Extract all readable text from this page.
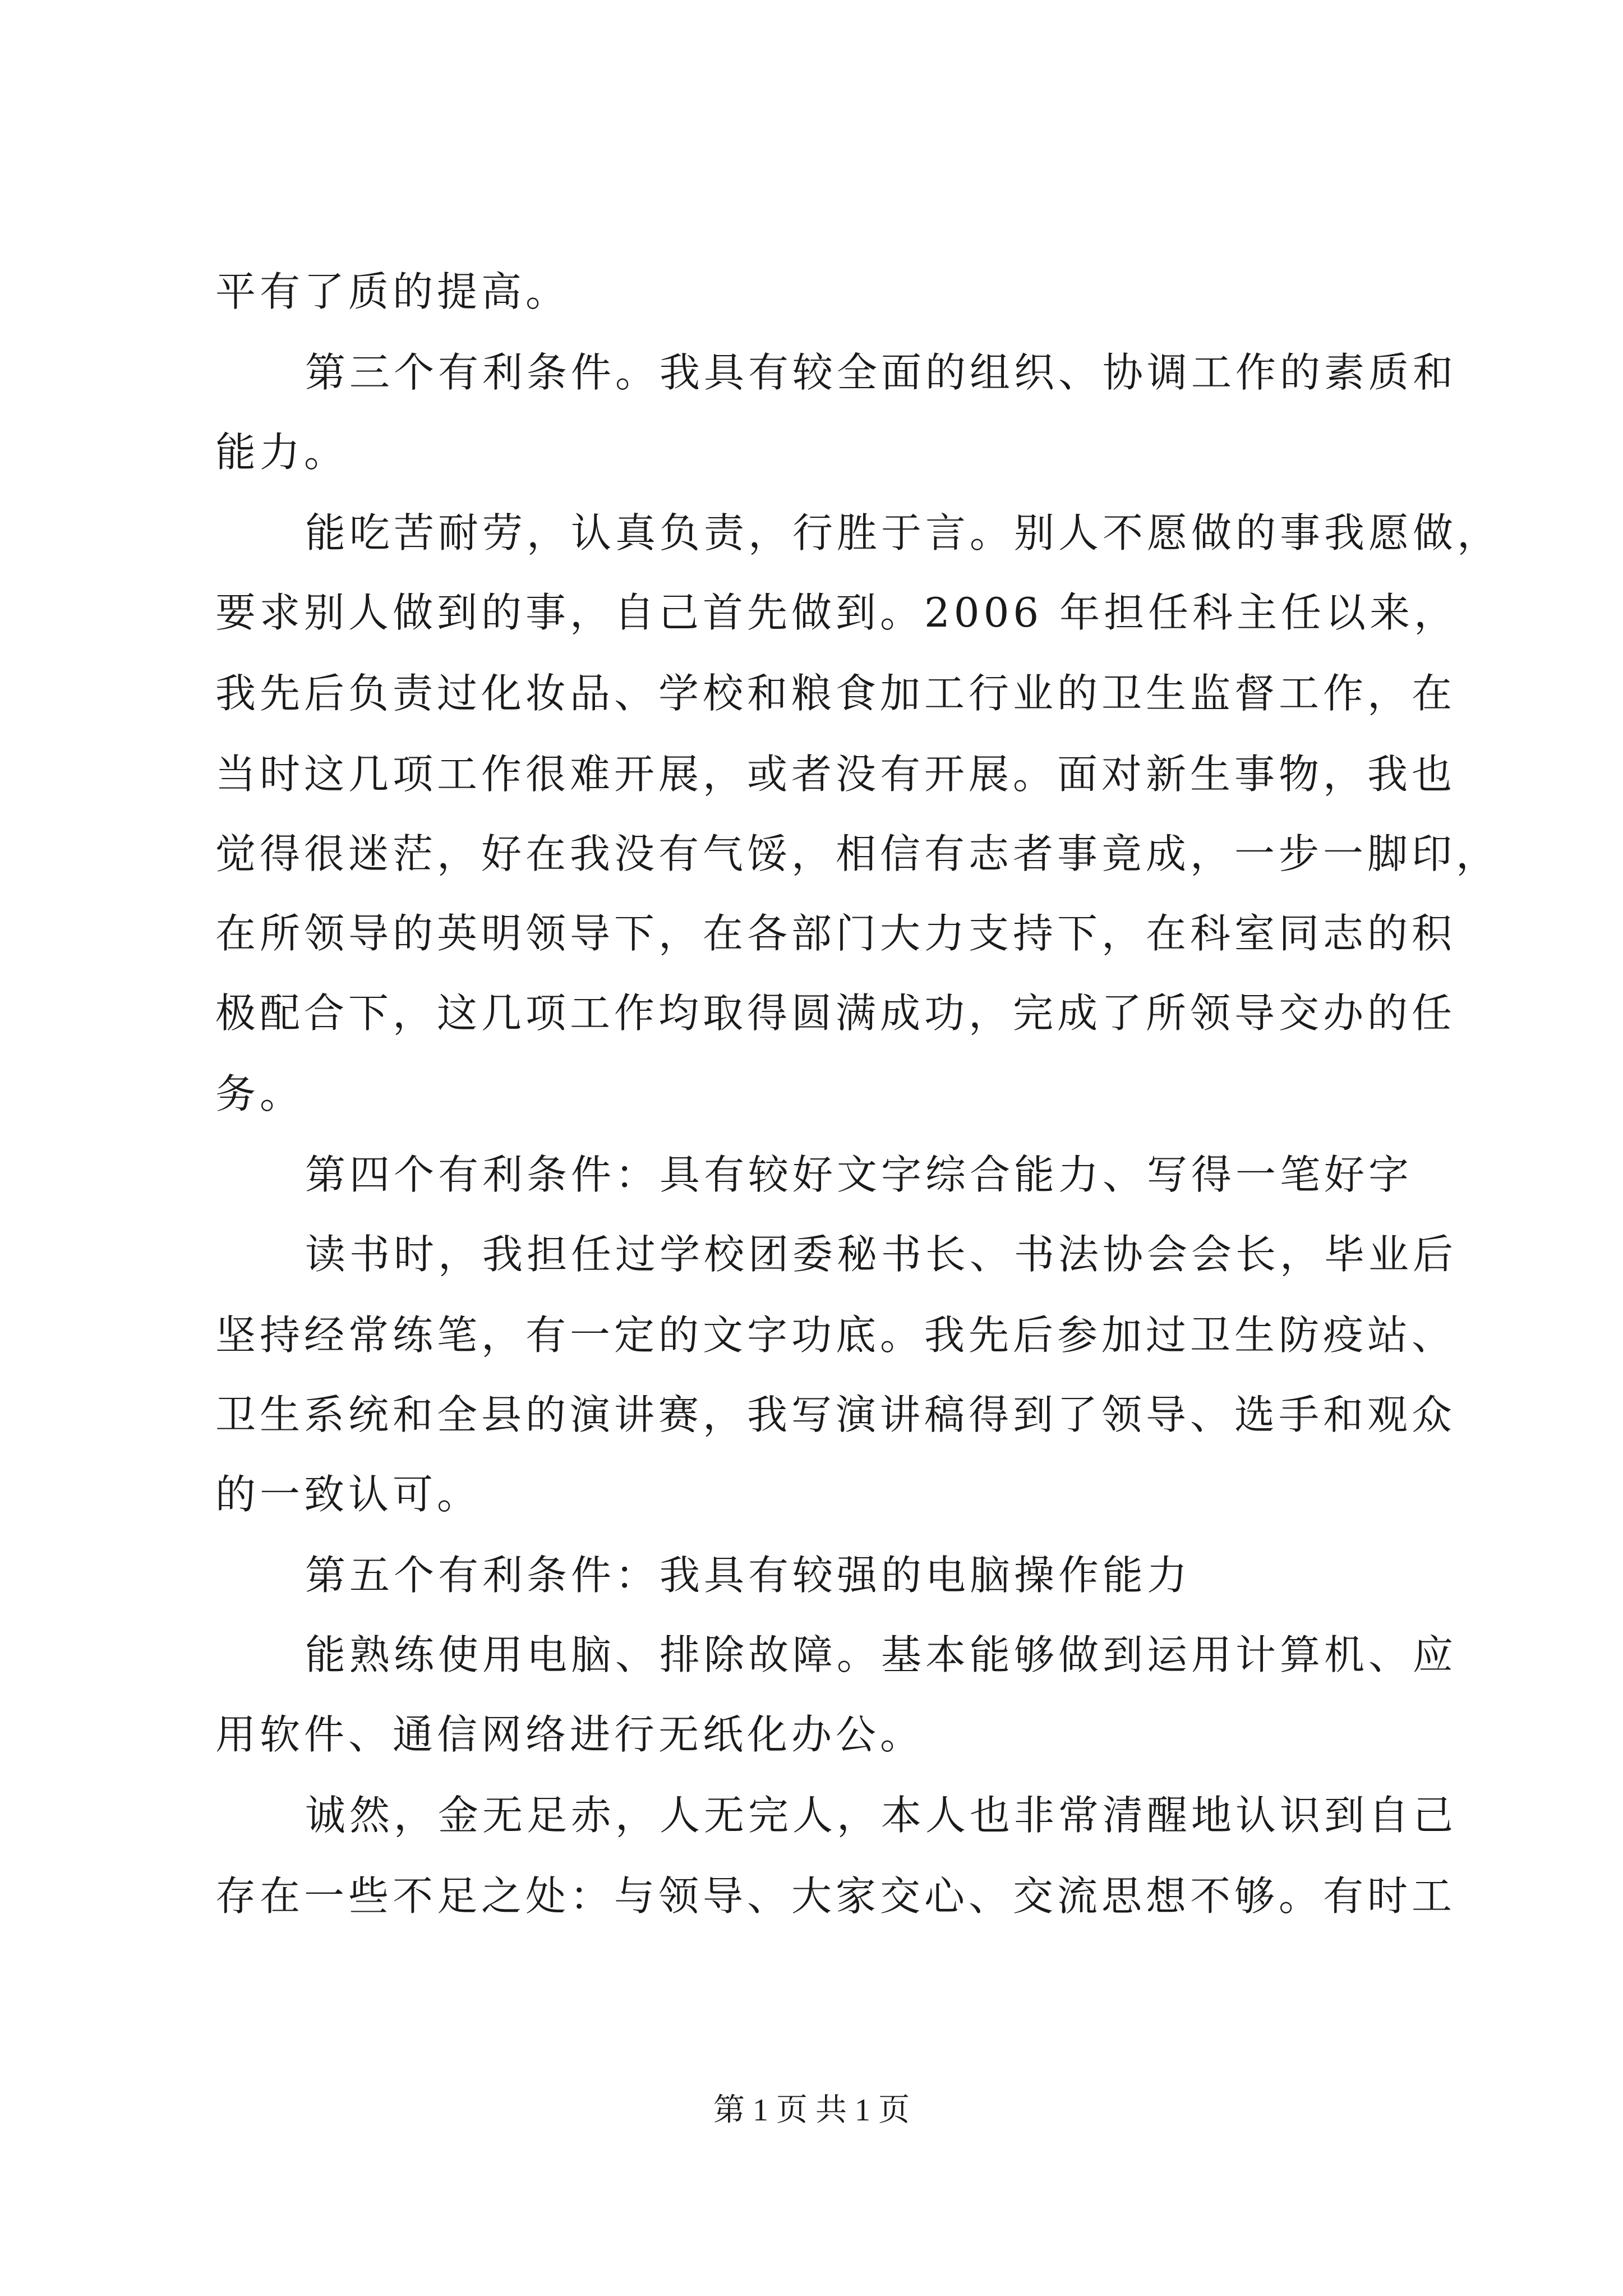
平有了质的提高。
第三个有利条件。我具有较全面的组织、协调工作的素质和
能力。
能吃苦耐劳，认真负责，行胜于言。别人不愿做的事我愿做，
要求别人做到的事，自己首先做到。2006 年担任科主任以来，
我先后负责过化妆品、学校和粮食加工行业的卫生监督工作，在
当时这几项工作很难开展，或者没有开展。面对新生事物，我也
觉得很迷茫，好在我没有气馁，相信有志者事竟成，一步一脚印，
在所领导的英明领导下，在各部门大力支持下，在科室同志的积
极配合下，这几项工作均取得圆满成功，完成了所领导交办的任
务。
第四个有利条件：具有较好文字综合能力、写得一笔好字
读书时，我担任过学校团委秘书长、书法协会会长，毕业后
坚持经常练笔，有一定的文字功底。我先后参加过卫生防疫站、
卫生系统和全县的演讲赛，我写演讲稿得到了领导、选手和观众
的一致认可。
第五个有利条件：我具有较强的电脑操作能力
能熟练使用电脑、排除故障。基本能够做到运用计算机、应
用软件、通信网络进行无纸化办公。
诚然，金无足赤，人无完人，本人也非常清醒地认识到自己
存在一些不足之处：与领导、大家交心、交流思想不够。有时工
第 1 页 共 1 页
